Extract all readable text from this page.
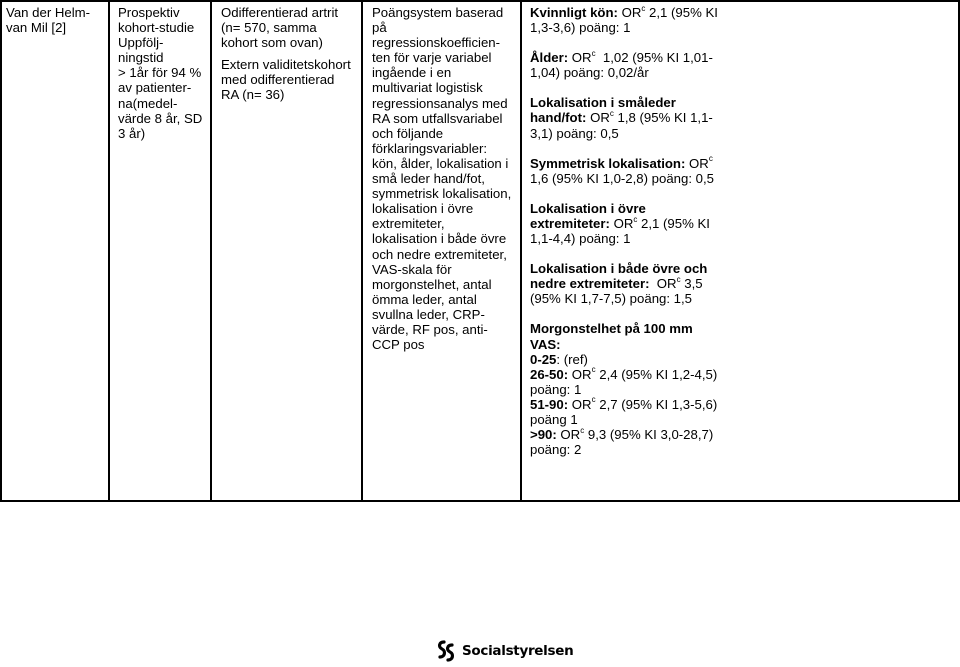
Van der Helm-
van Mil [2]
Prospektiv
kohort-studie
Uppfölj-
ningstid
> 1år för 94 %
av patienter-
na(medel-
värde 8 år, SD
3 år)
Odifferentierad artrit
(n= 570, samma
kohort som ovan)
Extern validitetskohort
med odifferentierad
RA (n= 36)
Poängsystem baserad
på
regressionskoefficien-
ten för varje variabel
ingående i en
multivariat logistisk
regressionsanalys med
RA som utfallsvariabel
och följande
förklaringsvariabler:
kön, ålder, lokalisation i
små leder hand/fot,
symmetrisk lokalisation,
lokalisation i övre
extremiteter,
lokalisation i både övre
och nedre extremiteter,
VAS-skala för
morgonstelhet, antal
ömma leder, antal
svullna leder, CRP-
värde, RF pos, anti-
CCP pos
Kvinnligt kön: $OR^c$ 2,1 (95% KI
1,3-3,6) poäng: 1
Ålder: $OR^c$  1,02 (95% KI 1,01-
1,04) poäng: 0,02/år
Lokalisation i småleder
hand/fot: $OR^c$ 1,8 (95% KI 1,1-
3,1) poäng: 0,5
Symmetrisk lokalisation: $OR^c$
1,6 (95% KI 1,0-2,8) poäng: 0,5
Lokalisation i övre
extremiteter: $OR^c$ 2,1 (95% KI
1,1-4,4) poäng: 1
Lokalisation i både övre och
nedre extremiteter:  $OR^c$ 3,5
(95% KI 1,7-7,5) poäng: 1,5
Morgonstelhet på 100 mm
VAS:
0-25: (ref)
26-50: $OR^c$ 2,4 (95% KI 1,2-4,5)
poäng: 1
51-90: $OR^c$ 2,7 (95% KI 1,3-5,6)
poäng 1
>90: $OR^c$ 9,3 (95% KI 3,0-28,7)
poäng: 2
Socialstyrelsen
